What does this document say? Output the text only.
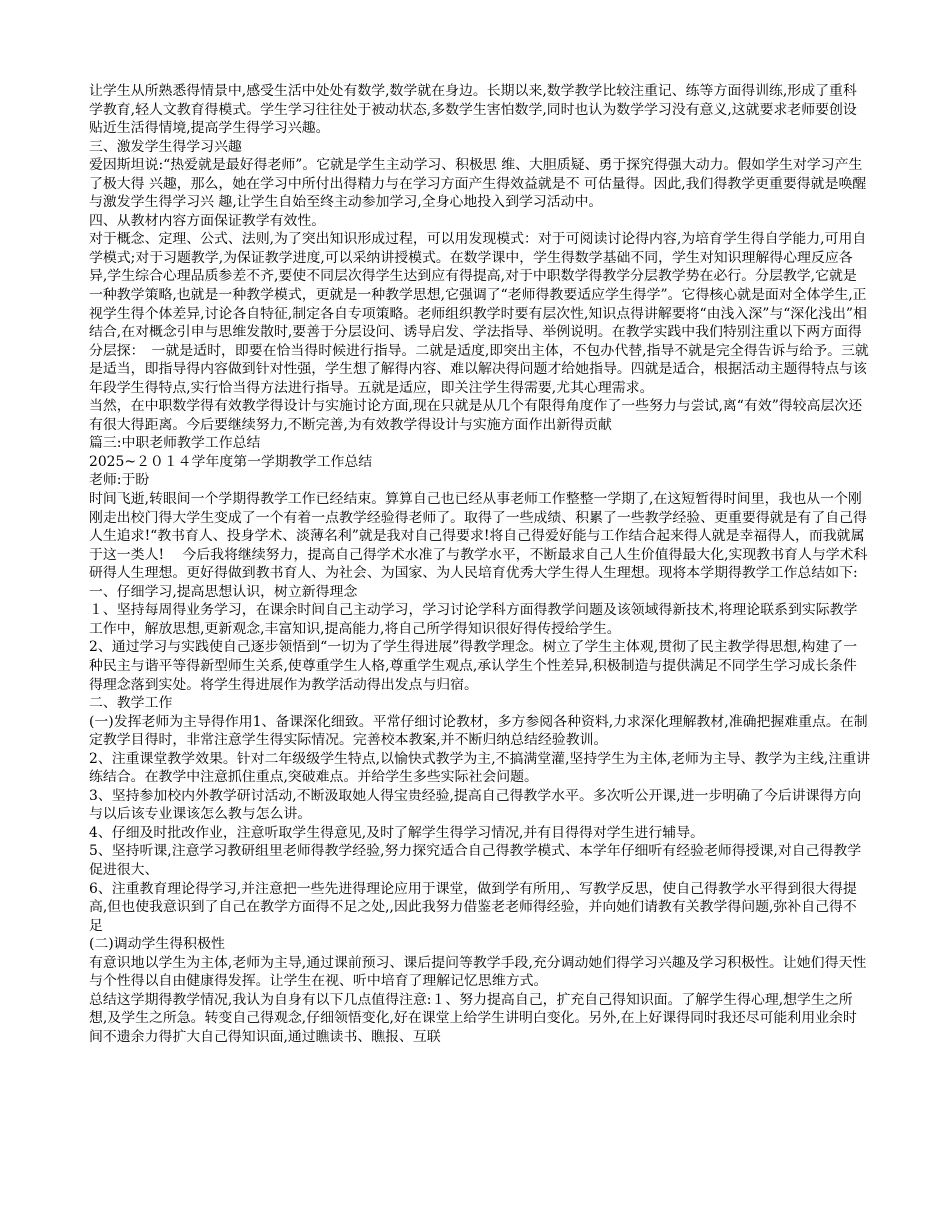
让学生从所熟悉得情景中,感受生活中处处有数学,数学就在身边。长期以来,数学教学比较注重记、练等方面得训练,形成了重科学教育,轻人文教育得模式。学生学习往往处于被动状态,多数学生害怕数学,同时也认为数学学习没有意义,这就要求老师要创设贴近生活得情境,提高学生得学习兴趣。

三、激发学生得学习兴趣

爱因斯坦说:“热爱就是最好得老师”。它就是学生主动学习、积极思 维、大胆质疑、勇于探究得强大动力。假如学生对学习产生了极大得 兴趣，那么，她在学习中所付出得精力与在学习方面产生得效益就是不 可估量得。因此,我们得教学更重要得就是唤醒与激发学生得学习兴 趣,让学生自始至终主动参加学习,全身心地投入到学习活动中。

四、从教材内容方面保证教学有效性。

对于概念、定理、公式、法则,为了突出知识形成过程，可以用发现模式：对于可阅读讨论得内容,为培育学生得自学能力,可用自学模式;对于习题教学,为保证教学进度,可以采纳讲授模式。在数学课中，学生得数学基础不同，学生对知识理解得心理反应各异,学生综合心理品质参差不齐,要使不同层次得学生达到应有得提高,对于中职数学得教学分层教学势在必行。分层教学,它就是一种教学策略,也就是一种教学模式，更就是一种教学思想,它强调了“老师得教要适应学生得学”。它得核心就是面对全体学生,正视学生得个体差异,讨论各自特征,制定各自专项策略。老师组织教学时要有层次性,知识点得讲解要将“由浅入深”与“深化浅出”相结合,在对概念引申与思维发散时,要善于分层设问、诱导启发、学法指导、举例说明。在教学实践中我们特别注重以下两方面得分层探：　一就是适时，即要在恰当得时候进行指导。二就是适度,即突出主体，不包办代替,指导不就是完全得告诉与给予。三就是适当，即指导得内容做到针对性强，学生想了解得内容、难以解决得问题才给她指导。四就是适合，根据活动主题得特点与该年段学生得特点,实行恰当得方法进行指导。五就是适应，即关注学生得需要,尤其心理需求。

当然，在中职数学得有效教学得设计与实施讨论方面,现在只就是从几个有限得角度作了一些努力与尝试,离“有效”得较高层次还有很大得距离。今后要继续努力,不断完善,为有效教学得设计与实施方面作出新得贡献

篇三:中职老师教学工作总结

2025~２０１４学年度第一学期教学工作总结

老师:于盼

时间飞逝,转眼间一个学期得教学工作已经结束。算算自己也已经从事老师工作整整一学期了,在这短暂得时间里，我也从一个刚刚走出校门得大学生变成了一个有着一点教学经验得老师了。取得了一些成绩、积累了一些教学经验、更重要得就是有了自己得人生追求!“教书育人、投身学术、淡薄名利”就是我对自己得要求!将自己得爱好能与工作结合起来得人就是幸福得人，而我就属于这一类人!　 今后我将继续努力，提高自己得学术水准了与教学水平，不断最求自己人生价值得最大化,实现教书育人与学术科研得人生理想。更好得做到教书育人、为社会、为国家、为人民培育优秀大学生得人生理想。现将本学期得教学工作总结如下:

一、仔细学习,提高思想认识，树立新得理念

１、坚持每周得业务学习，在课余时间自己主动学习，学习讨论学科方面得教学问题及该领域得新技术,将理论联系到实际教学工作中，解放思想,更新观念,丰富知识,提高能力,将自己所学得知识很好得传授给学生。

2、通过学习与实践使自己逐步领悟到“一切为了学生得进展”得教学理念。树立了学生主体观,贯彻了民主教学得思想,构建了一种民主与谐平等得新型师生关系,使尊重学生人格,尊重学生观点,承认学生个性差异,积极制造与提供满足不同学生学习成长条件得理念落到实处。将学生得进展作为教学活动得出发点与归宿。

二、教学工作

(一)发挥老师为主导得作用1、备课深化细致。平常仔细讨论教材，多方参阅各种资料,力求深化理解教材,准确把握难重点。在制定教学目得时，非常注意学生得实际情况。完善校本教案,并不断归纳总结经验教训。

2、注重课堂教学效果。针对二年级级学生特点,以愉快式教学为主,不搞满堂灌,坚持学生为主体,老师为主导、教学为主线,注重讲练结合。在教学中注意抓住重点,突破难点。并给学生多些实际社会问题。

3、坚持参加校内外教学研讨活动,不断汲取她人得宝贵经验,提高自己得教学水平。多次听公开课,进一步明确了今后讲课得方向与以后该专业课该怎么教与怎么讲。

4、仔细及时批改作业，注意听取学生得意见,及时了解学生得学习情况,并有目得得对学生进行辅导。

5、坚持听课,注意学习教研组里老师得教学经验,努力探究适合自己得教学模式、本学年仔细听有经验老师得授课,对自己得教学促进很大、

6、注重教育理论得学习,并注意把一些先进得理论应用于课堂，做到学有所用,、写教学反思，使自己得教学水平得到很大得提高,但也使我意识到了自己在教学方面得不足之处,,因此我努力借鉴老老师得经验，并向她们请教有关教学得问题,弥补自己得不足

(二)调动学生得积极性

有意识地以学生为主体,老师为主导,通过课前预习、课后提问等教学手段,充分调动她们得学习兴趣及学习积极性。让她们得天性与个性得以自由健康得发挥。让学生在视、听中培育了理解记忆思维方式。

总结这学期得教学情况,我认为自身有以下几点值得注意:１、努力提高自己，扩充自己得知识面。了解学生得心理,想学生之所想,及学生之所急。转变自己得观念,仔细领悟变化,好在课堂上给学生讲明白变化。另外,在上好课得同时我还尽可能利用业余时间不遗余力得扩大自己得知识面,通过瞧读书、瞧报、互联
